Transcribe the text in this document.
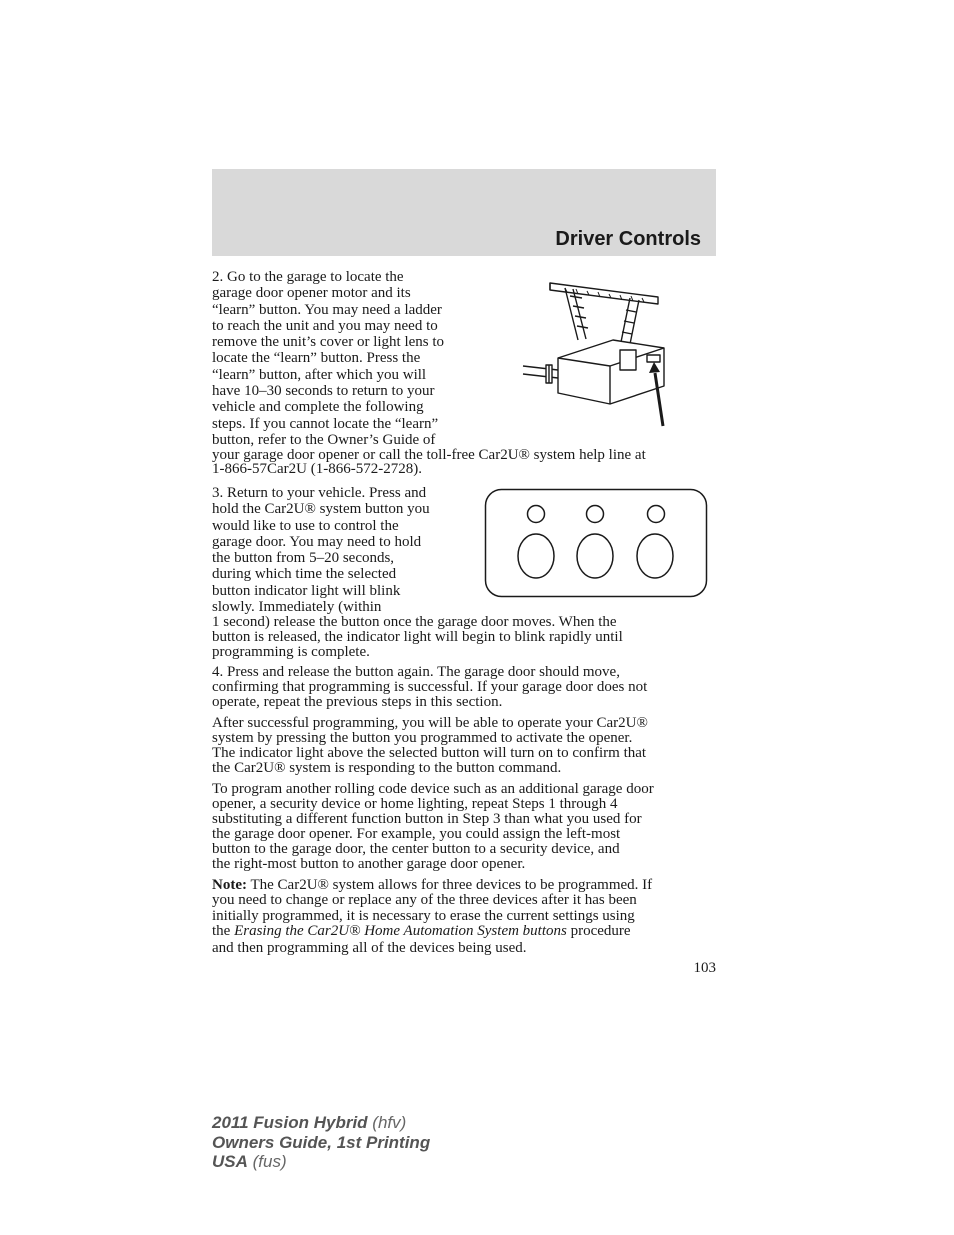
Driver Controls

2. Go to the garage to locate the

garage door opener motor and its

“learn” button. You may need a ladder

to reach the unit and you may need to

remove the unit’s cover or light lens to

locate the “learn” button. Press the

“learn” button, after which you will

have 10–30 seconds to return to your

vehicle and complete the following

steps. If you cannot locate the “learn”

button, refer to the Owner’s Guide of

your garage door opener or call the toll-free Car2U® system help line at

1-866-57Car2U (1-866-572-2728).

3. Return to your vehicle. Press and

hold the Car2U® system button you

would like to use to control the

garage door. You may need to hold

the button from 5–20 seconds,

during which time the selected

button indicator light will blink

slowly. Immediately (within

1 second) release the button once the garage door moves. When the

button is released, the indicator light will begin to blink rapidly until

programming is complete.

4. Press and release the button again. The garage door should move,

confirming that programming is successful. If your garage door does not

operate, repeat the previous steps in this section.

After successful programming, you will be able to operate your Car2U®

system by pressing the button you programmed to activate the opener.

The indicator light above the selected button will turn on to confirm that

the Car2U® system is responding to the button command.

To program another rolling code device such as an additional garage door

opener, a security device or home lighting, repeat Steps 1 through 4

substituting a different function button in Step 3 than what you used for

the garage door opener. For example, you could assign the left-most

button to the garage door, the center button to a security device, and

the right-most button to another garage door opener.

Note: The Car2U® system allows for three devices to be programmed. If

you need to change or replace any of the three devices after it has been

initially programmed, it is necessary to erase the current settings using

the Erasing the Car2U® Home Automation System buttons procedure

and then programming all of the devices being used.

103
2011 Fusion Hybrid (hfv)
Owners Guide, 1st Printing
USA (fus)
